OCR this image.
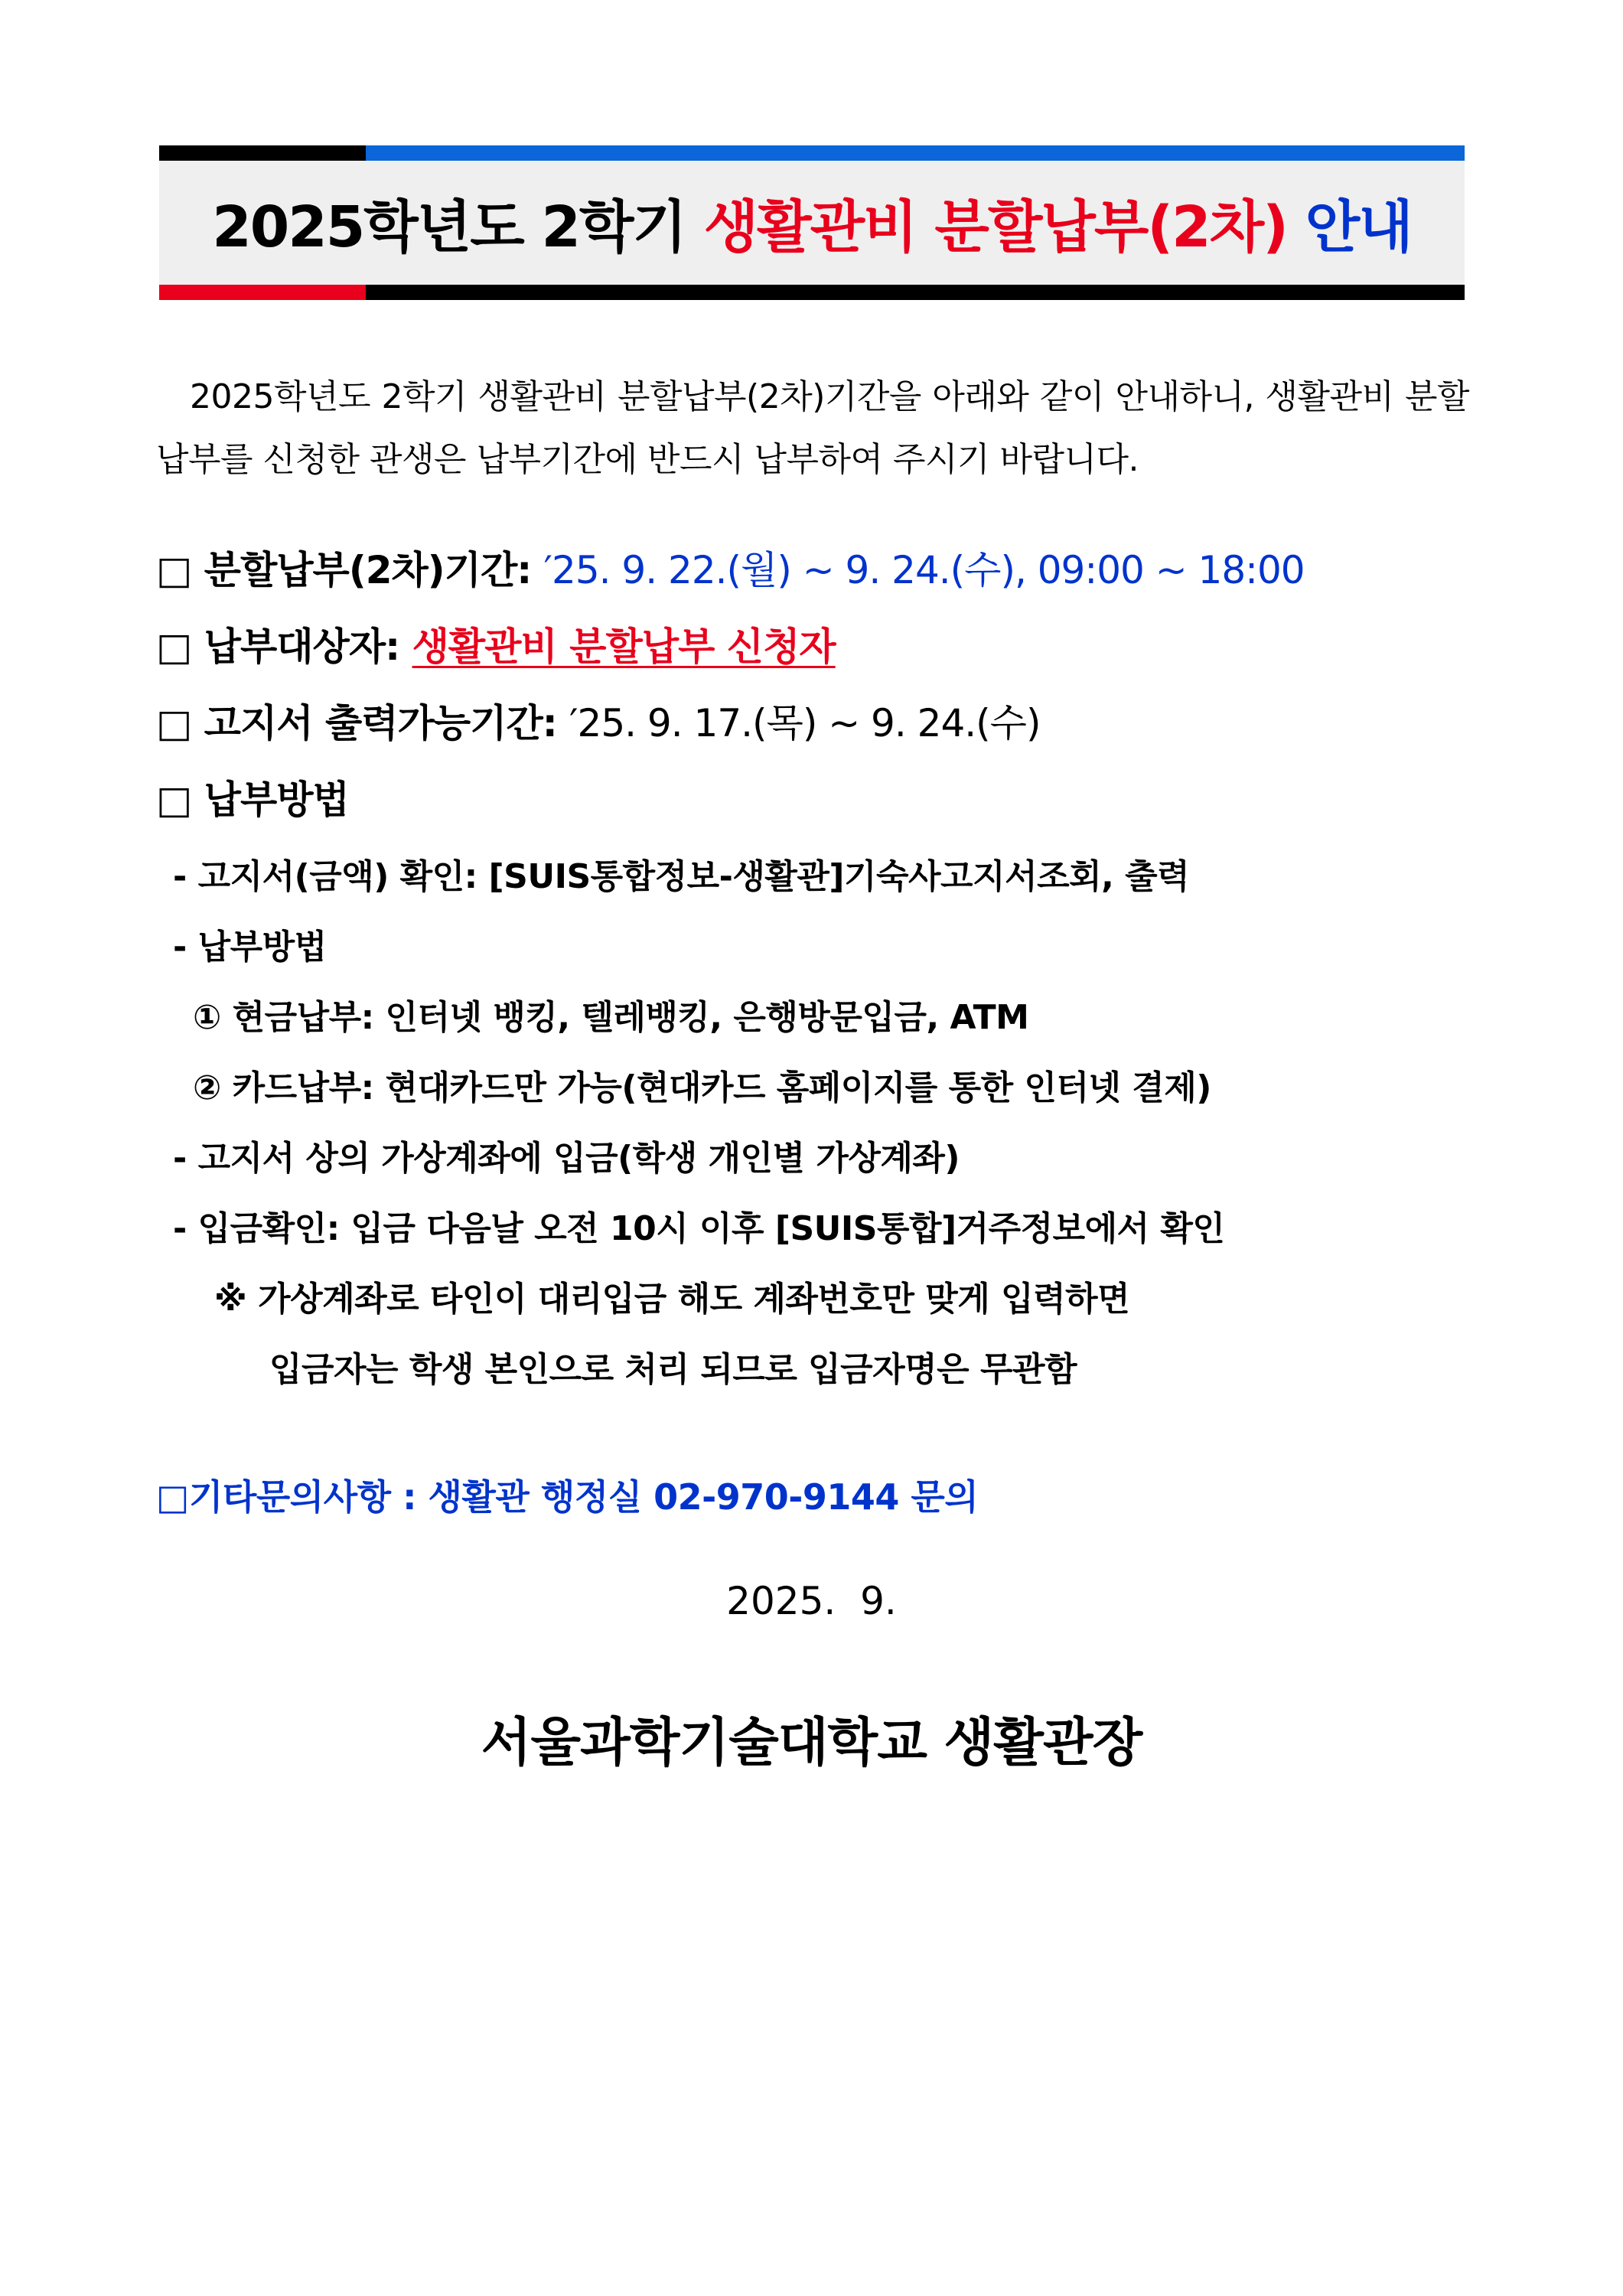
2025학년도 2학기 생활관비 분할납부(2차) 안내
2025학년도 2학기 생활관비 분할납부(2차)기간을 아래와 같이 안내하니, 생활관비 분할납부를 신청한 관생은 납부기간에 반드시 납부하여 주시기 바랍니다.
□ 분할납부(2차)기간: ′25. 9. 22.(월) ~ 9. 24.(수), 09:00 ~ 18:00
□ 납부대상자: 생활관비 분할납부 신청자
□ 고지서 출력가능기간: ′25. 9. 17.(목) ~ 9. 24.(수)
□ 납부방법
- 고지서(금액) 확인: [SUIS통합정보-생활관]기숙사고지서조회, 출력
- 납부방법
① 현금납부: 인터넷 뱅킹, 텔레뱅킹, 은행방문입금, ATM
② 카드납부: 현대카드만 가능(현대카드 홈페이지를 통한 인터넷 결제)
- 고지서 상의 가상계좌에 입금(학생 개인별 가상계좌)
- 입금확인: 입금 다음날 오전 10시 이후 [SUIS통합]거주정보에서 확인
※ 가상계좌로 타인이 대리입금 해도 계좌번호만 맞게 입력하면
입금자는 학생 본인으로 처리 되므로 입금자명은 무관함
□기타문의사항 : 생활관 행정실 02-970-9144 문의
2025.  9.
서울과학기술대학교 생활관장
